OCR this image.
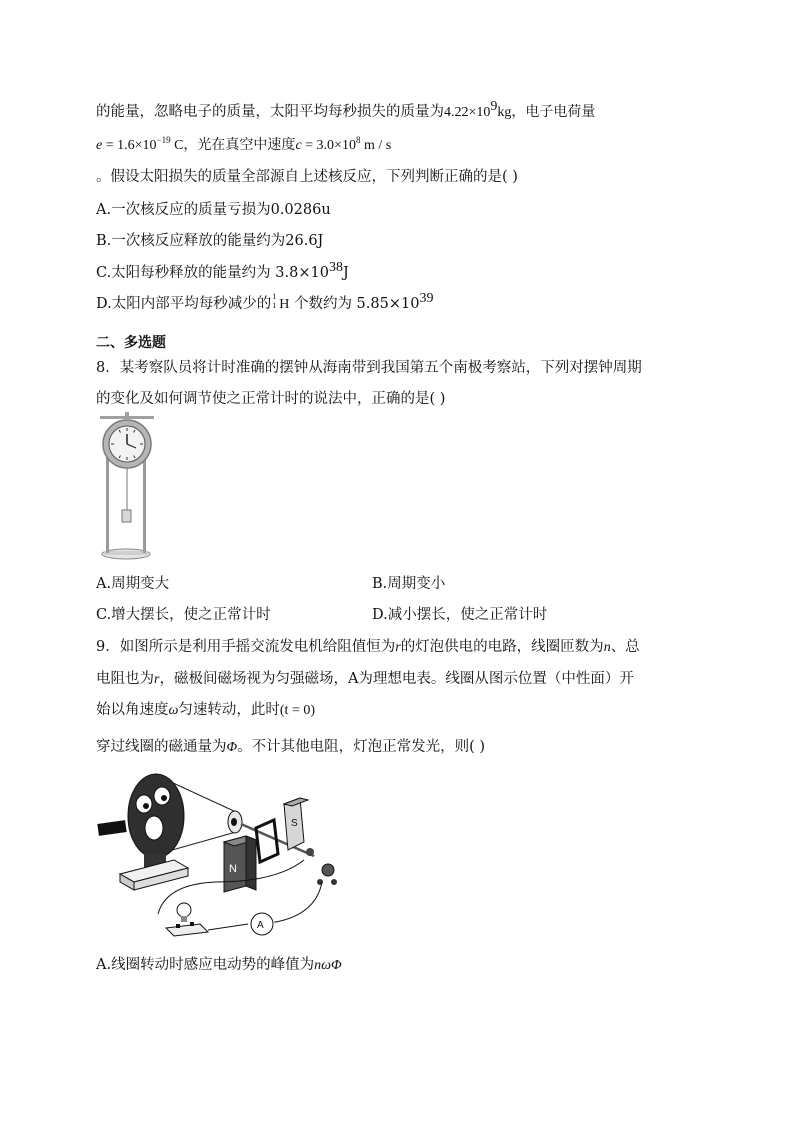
的能量，忽略电子的质量，太阳平均每秒损失的质量为$4.22\times 10^9kg$，电子电荷量
$e = 1.6\times 10^{-19}$ C，光在真空中速度$c = 3.0\times 10^8$ m / s
。假设太阳损失的质量全部源自上述核反应，下列判断正确的是( )
A.一次核反应的质量亏损为0.0286u
B.一次核反应释放的能量约为26.6J
C.太阳每秒释放的能量约为 $3.8\times 10^{38}J$
D.太阳内部平均每秒减少的 1
1 H 个数约为 $5.85\times 10^{39}$
二、多选题
8．某考察队员将计时准确的摆钟从海南带到我国第五个南极考察站，下列对摆钟周期
的变化及如何调节使之正常计时的说法中，正确的是( )
A.周期变大	B.周期变小
C.增大摆长，使之正常计时	D.减小摆长，使之正常计时
9．如图所示是利用手摇交流发电机给阻值恒为r的灯泡供电的电路，线圈匝数为n、总
电阻也为r，磁极间磁场视为匀强磁场，A为理想电表。线圈从图示位置（中性面）开
始以角速度ω匀速转动，此时(t = 0)
穿过线圈的磁通量为Φ。不计其他电阻，灯泡正常发光，则( )
N
S
A
A.线圈转动时感应电动势的峰值为nωΦ
